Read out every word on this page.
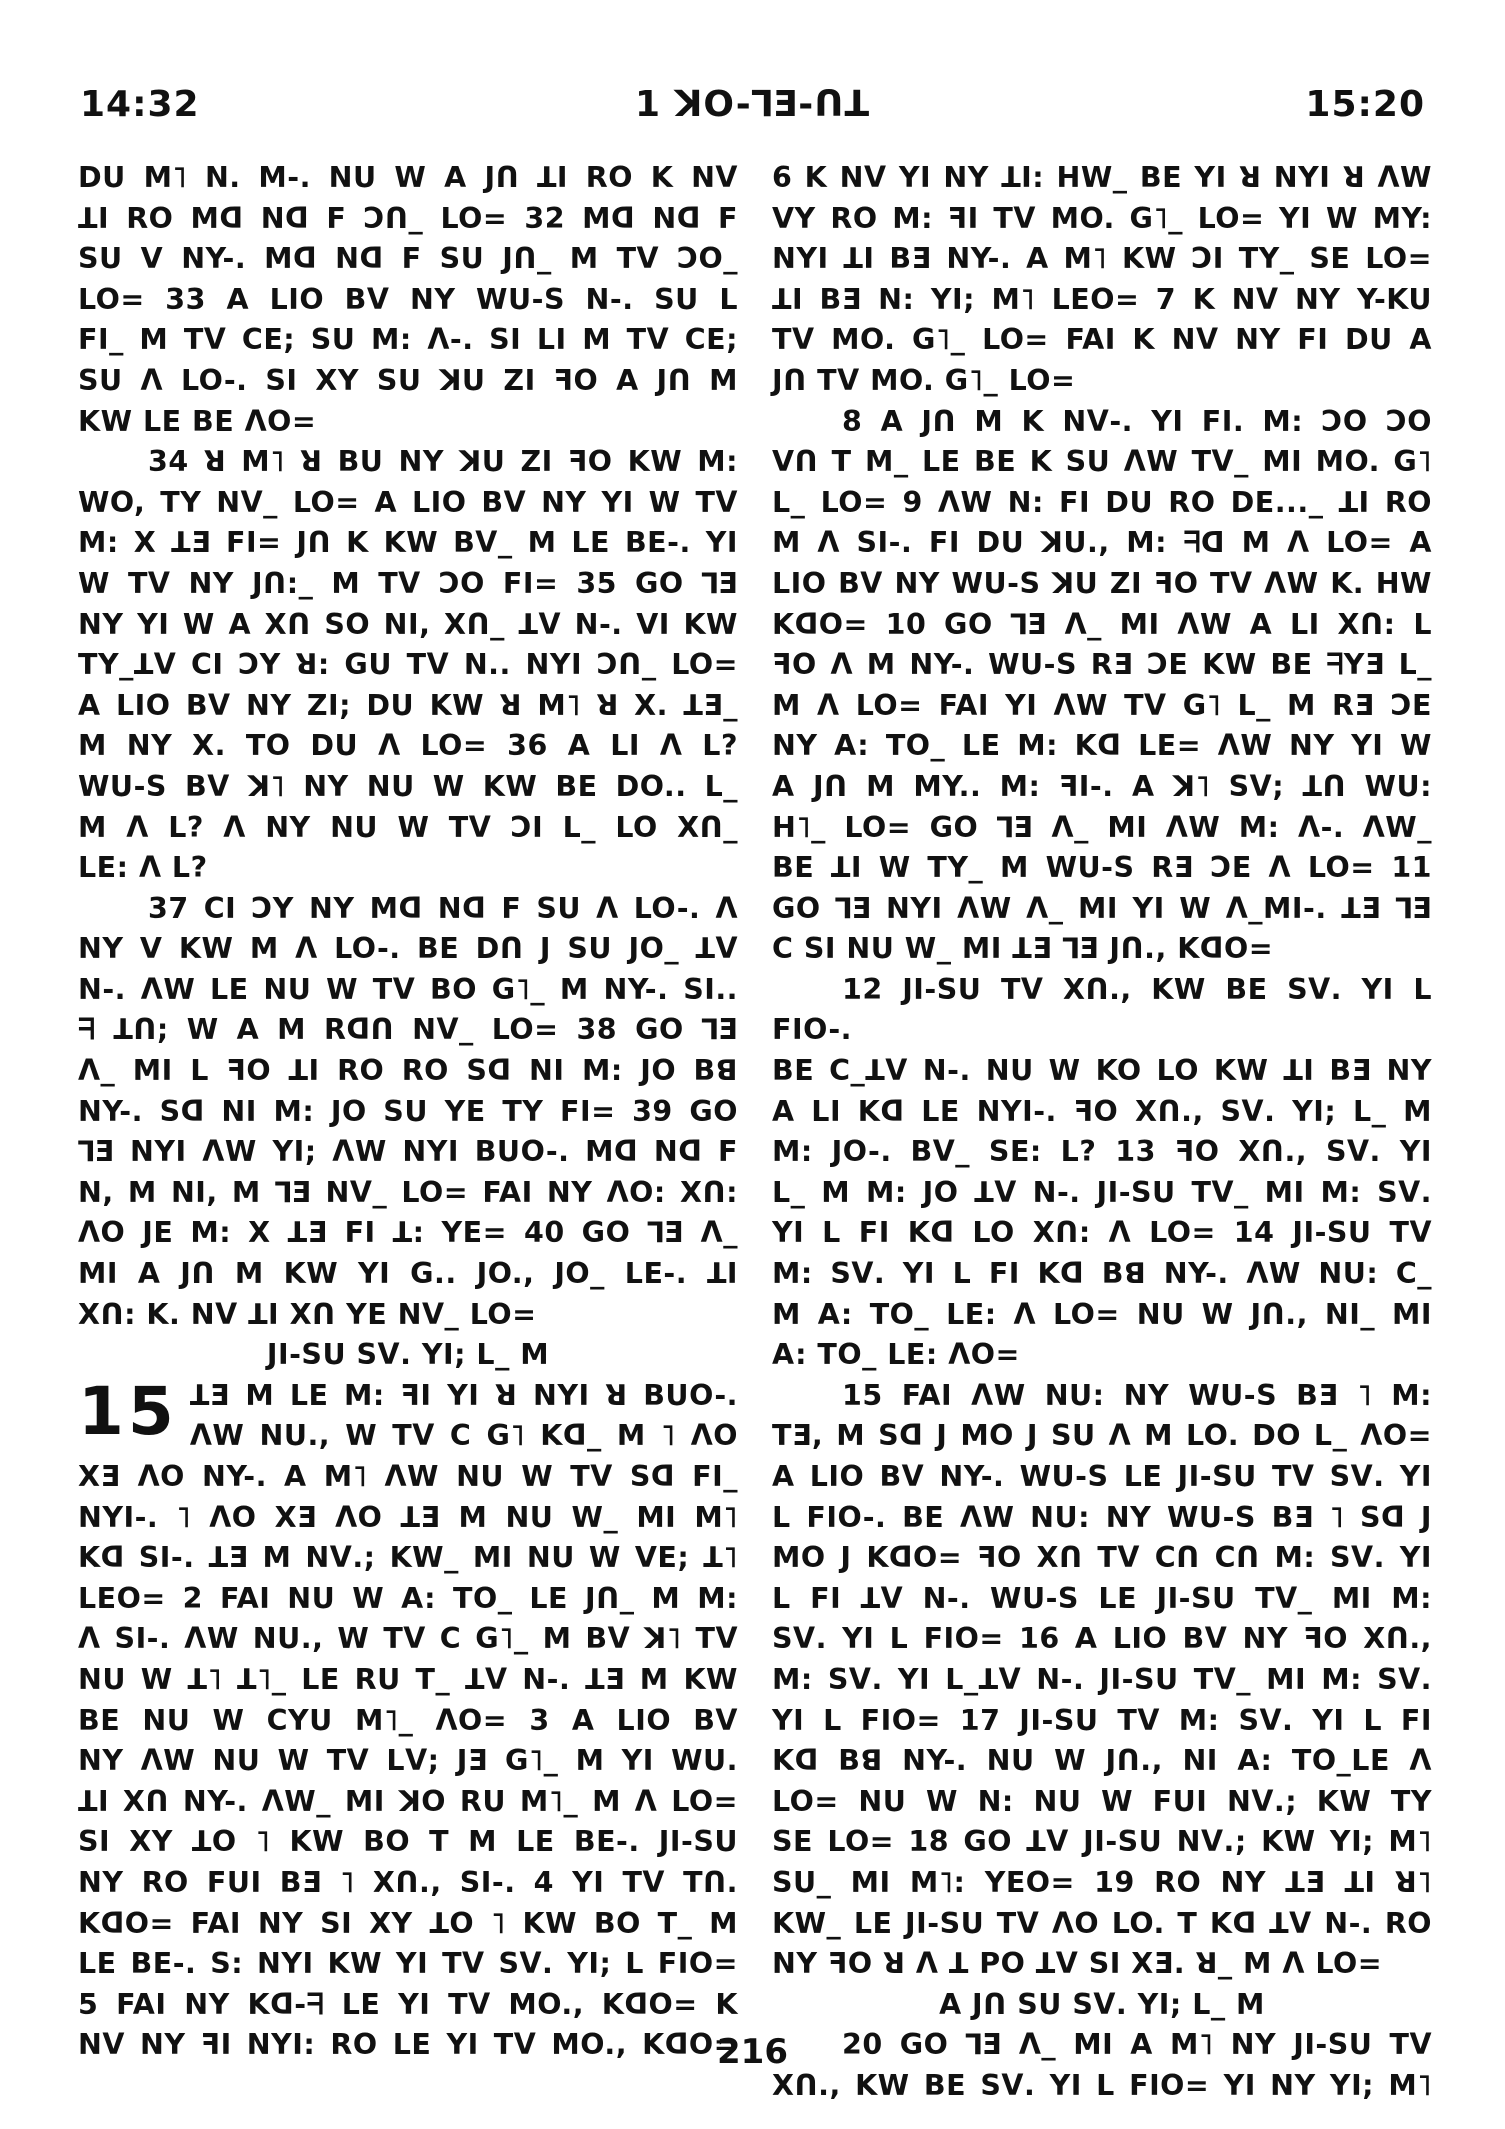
14:32	1 ꓘO-ꓶƎ-ꓵꓕ	15:20

DU M˥ N. M-. NU W A Jᑎ ꓕI RO K Nᐯ

ꓕI RO Mᗡ Nᗡ F Ↄᑎ_ LO= 32 Mᗡ Nᗡ F

SU V NY-. Mᗡ Nᗡ F SU Jᑎ_ M Tᐯ ƆO_

LO= 33 A LIO Bᐯ NY WU-S N-. SU L

FI_ M Tᐯ CE; SU M: ᐱ-. SI LI M Tᐯ CE;

SU ᐱ LO-. SI XY SU ꓘU ZI ꟻO A Jᑎ M

KW LE BE ᐱO=

34 ꓤ M˥ ꓤ BU NY ꓘU ZI ꟻO KW M:

WO, TY Nᐯ_ LO= A LIO Bᐯ NY YI W Tᐯ

M: X ꓕƎ FI= Jᑎ K KW Bᐯ_ M LE BE-. YI

W Tᐯ NY Jᑎ:_ M Tᐯ ƆO FI= 35 GO ꓶƎ

NY YI W A Xᑎ SO NI, Xᑎ_ ꓕᐯ N-. VI KW

TY_ꓕᐯ CI ƆY ꓤ: GU Tᐯ N.. NYI Ↄᑎ_ LO=

A LIO Bᐯ NY ZI; DU KW ꓤ M˥ ꓤ X. ꓕƎ_

M NY X. TO DU ᐱ LO= 36 A LI ᐱ L?

WU-S Bᐯ ꓘ˥ NY NU W KW BE DO.. L_

M ᐱ L? ᐱ NY NU W Tᐯ ƆI L_ LO Xᑎ_

LE: ᐱ L?

37 CI ƆY NY Mᗡ Nᗡ F SU ᐱ LO-. ᐱ

NY V KW M ᐱ LO-. BE Dᑎ J SU JO_ ꓕᐯ

N-. ᐱW LE NU W Tᐯ BO G˥_ M NY-. SI..

ᖷ ꓕᑎ; W A M Rᗡᑎ Nᐯ_ LO= 38 GO ꓶƎ

ᐱ_ MI L ꟻO ꓕI RO RO Sᗡ NI M: JO Bꓭ

NY-. Sᗡ NI M: JO SU YE TY FI= 39 GO

ꓶƎ NYI ᐱW YI; ᐱW NYI BUO-. Mᗡ Nᗡ F

N, M NI, M ꓶƎ Nᐯ_ LO= FAI NY ᐱO: Xᑎ:

ᐱO JE M: X ꓕƎ FI ꓕ: YE= 40 GO ꓶƎ ᐱ_

MI A Jᑎ M KW YI G.. JO., JO_ LE-. ꓕI

Xᑎ: K. Nᐯ ꓕI Xᑎ YE Nᐯ_ LO=

JI-SU Sᐯ. YI; L_ M
15 ꓕƎ M LE M: ꟻI YI ꓤ NYI ꓤ BUO-.

ᐱW NU., W Tᐯ C G˥ Kᗡ_ M ˥ ᐱO

XƎ ᐱO NY-. A M˥ ᐱW NU W Tᐯ Sᗡ FI_

NYI-. ˥ ᐱO XƎ ᐱO ꓕƎ M NU W_ MI M˥

Kᗡ SI-. ꓕƎ M Nᐯ.; KW_ MI NU W VE; ꓕ˥

LEO= 2 FAI NU W A: TO_ LE Jᑎ_ M M:

ᐱ SI-. ᐱW NU., W Tᐯ C G˥_ M Bᐯ ꓘ˥ Tᐯ

NU W ꓕ˥ ꓕ˥_ LE RU T_ ꓕᐯ N-. ꓕƎ M KW

BE NU W CYU M˥_ ᐱO= 3 A LIO Bᐯ

NY ᐱW NU W Tᐯ Lᐯ; JƎ G˥_ M YI WU.

ꓕI Xᑎ NY-. ᐱW_ MI ꓘO RU M˥_ M ᐱ LO=

SI XY ꓕO ˥ KW BO T M LE BE-. JI-SU

NY RO FUI BƎ ˥ Xᑎ., SI-. 4 YI Tᐯ Tᑎ.

KᗡO= FAI NY SI XY ꓕO ˥ KW BO T_ M

LE BE-. S: NYI KW YI Tᐯ Sᐯ. YI; L FIO=

5 FAI NY Kᗡ-ᖷ LE YI Tᐯ MO., KᗡO= K

Nᐯ NY ꟻI NYI: RO LE YI Tᐯ MO., KᗡO=

6 K Nᐯ YI NY ꓕI: HW_ BE YI ꓤ NYI ꓤ ᐱW

VY RO M: ꟻI Tᐯ MO. G˥_ LO= YI W MY:

NYI ꓕI BƎ NY-. A M˥ KW ƆI TY_ SE LO=

ꓕI BƎ N: YI; M˥ LEO= 7 K Nᐯ NY Y-KU

Tᐯ MO. G˥_ LO= FAI K Nᐯ NY FI DU A

Jᑎ Tᐯ MO. G˥_ LO=

8 A Jᑎ M K Nᐯ-. YI FI. M: ƆO ƆO

Vᑎ T M_ LE BE K SU ᐱW Tᐯ_ MI MO. G˥

L_ LO= 9 ᐱW N: FI DU RO DE..._ ꓕI RO

M ᐱ SI-. FI DU ꓘU., M: ᖷꓷ M ᐱ LO= A

LIO Bᐯ NY WU-S ꓘU ZI ꟻO Tᐯ ᐱW K. HW

KᗡO= 10 GO ꓶƎ ᐱ_ MI ᐱW A LI Xᑎ: L

ꟻO ᐱ M NY-. WU-S RƎ ƆE KW BE ᖷYƎ L_

M ᐱ LO= FAI YI ᐱW Tᐯ G˥ L_ M RƎ ƆE

NY A: TO_ LE M: Kᗡ LE= ᐱW NY YI W

A Jᑎ M MY.. M: ꟻI-. A ꓘ˥ Sᐯ; ꓕᑎ WU:

H˥_ LO= GO ꓶƎ ᐱ_ MI ᐱW M: ᐱ-. ᐱW_

BE ꓕI W TY_ M WU-S RƎ ƆE ᐱ LO= 11

GO ꓶƎ NYI ᐱW ᐱ_ MI YI W ᐱ_MI-. ꓕƎ ꓶƎ

C SI NU W_ MI ꓕƎ ꓶƎ Jᑎ., KᗡO=

12 JI-SU Tᐯ Xᑎ., KW BE Sᐯ. YI L FIO-.

BE C_ꓕᐯ N-. NU W KO LO KW ꓕI BƎ NY

A LI Kᗡ LE NYI-. ꟻO Xᑎ., Sᐯ. YI; L_ M

M: JO-. Bᐯ_ SE: L? 13 ꟻO Xᑎ., Sᐯ. YI

L_ M M: JO ꓕᐯ N-. JI-SU Tᐯ_ MI M: Sᐯ.

YI L FI Kᗡ LO Xᑎ: ᐱ LO= 14 JI-SU Tᐯ

M: Sᐯ. YI L FI Kᗡ Bꓭ NY-. ᐱW NU: C_

M A: TO_ LE: ᐱ LO= NU W Jᑎ., NI_ MI

A: TO_ LE: ᐱO=

15 FAI ᐱW NU: NY WU-S BƎ ˥ M:

TƎ, M Sᗡ J MO J SU ᐱ M LO. DO L_ ᐱO=

A LIO Bᐯ NY-. WU-S LE JI-SU Tᐯ Sᐯ. YI

L FIO-. BE ᐱW NU: NY WU-S BƎ ˥ Sᗡ J

MO J KᗡO= ꟻO Xᑎ Tᐯ Cᑎ Cᑎ M: Sᐯ. YI

L FI ꓕᐯ N-. WU-S LE JI-SU Tᐯ_ MI M:

Sᐯ. YI L FIO= 16 A LIO Bᐯ NY ꟻO Xᑎ.,

M: Sᐯ. YI L_ꓕᐯ N-. JI-SU Tᐯ_ MI M: Sᐯ.

YI L FIO= 17 JI-SU Tᐯ M: Sᐯ. YI L FI

Kᗡ Bꓭ NY-. NU W Jᑎ., NI A: TO_LE ᐱ

LO= NU W N: NU W FUI Nᐯ.; KW TY

SE LO= 18 GO ꓕᐯ JI-SU Nᐯ.; KW YI; M˥

SU_ MI M˥: YEO= 19 RO NY ꓕƎ ꓕI ꓤ˥

KW_ LE JI-SU Tᐯ ᐱO LO. T Kᗡ ꓕᐯ N-. RO

NY ꟻO ꓤ ᐱ ꓕ PO ꓕᐯ SI XƎ. ꓤ_ M ᐱ LO=

A Jᑎ SU Sᐯ. YI; L_ M

20 GO ꓶƎ ᐱ_ MI A M˥ NY JI-SU Tᐯ

Xᑎ., KW BE Sᐯ. YI L FIO= YI NY YI; M˥

216
